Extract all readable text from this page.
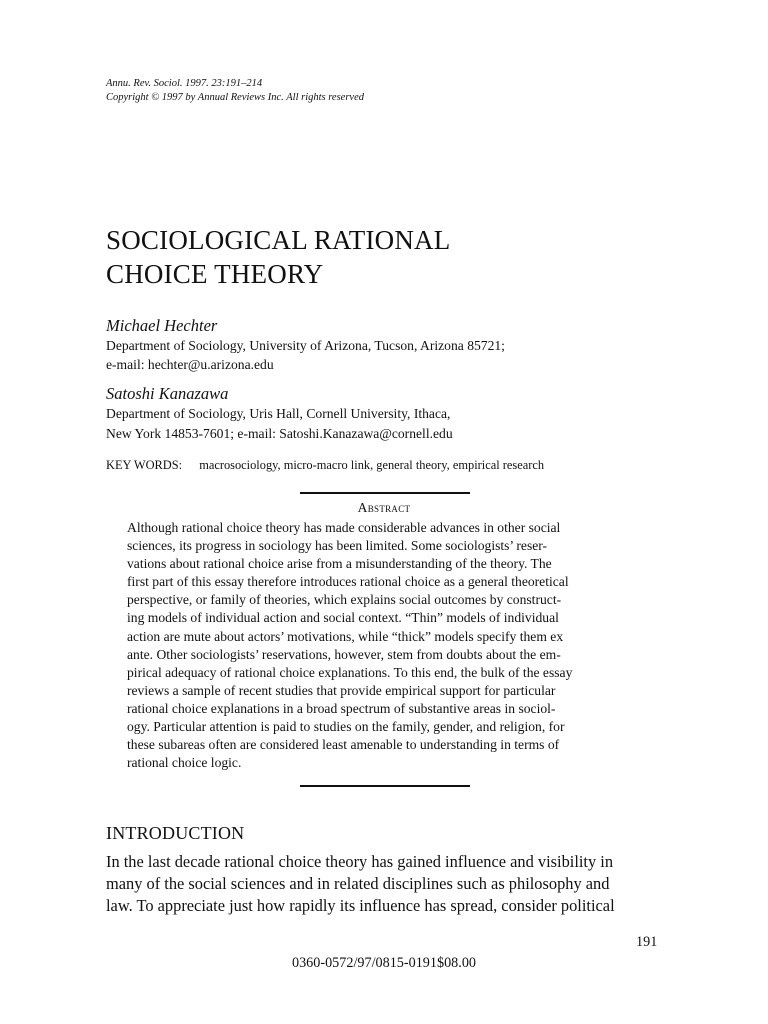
Annu. Rev. Sociol. 1997. 23:191–214
Copyright © 1997 by Annual Reviews Inc. All rights reserved
SOCIOLOGICAL RATIONAL
CHOICE THEORY
Michael Hechter
Department of Sociology, University of Arizona, Tucson, Arizona 85721;
e-mail: hechter@u.arizona.edu
Satoshi Kanazawa
Department of Sociology, Uris Hall, Cornell University, Ithaca,
New York 14853-7601; e-mail: Satoshi.Kanazawa@cornell.edu
KEY WORDS: macrosociology, micro-macro link, general theory, empirical research
Abstract
Although rational choice theory has made considerable advances in other social
sciences, its progress in sociology has been limited. Some sociologists’ reser-
vations about rational choice arise from a misunderstanding of the theory. The
first part of this essay therefore introduces rational choice as a general theoretical
perspective, or family of theories, which explains social outcomes by construct-
ing models of individual action and social context. “Thin” models of individual
action are mute about actors’ motivations, while “thick” models specify them ex
ante. Other sociologists’ reservations, however, stem from doubts about the em-
pirical adequacy of rational choice explanations. To this end, the bulk of the essay
reviews a sample of recent studies that provide empirical support for particular
rational choice explanations in a broad spectrum of substantive areas in sociol-
ogy. Particular attention is paid to studies on the family, gender, and religion, for
these subareas often are considered least amenable to understanding in terms of
rational choice logic.
INTRODUCTION
In the last decade rational choice theory has gained influence and visibility in
many of the social sciences and in related disciplines such as philosophy and
law. To appreciate just how rapidly its influence has spread, consider political
191
0360-0572/97/0815-0191$08.00
